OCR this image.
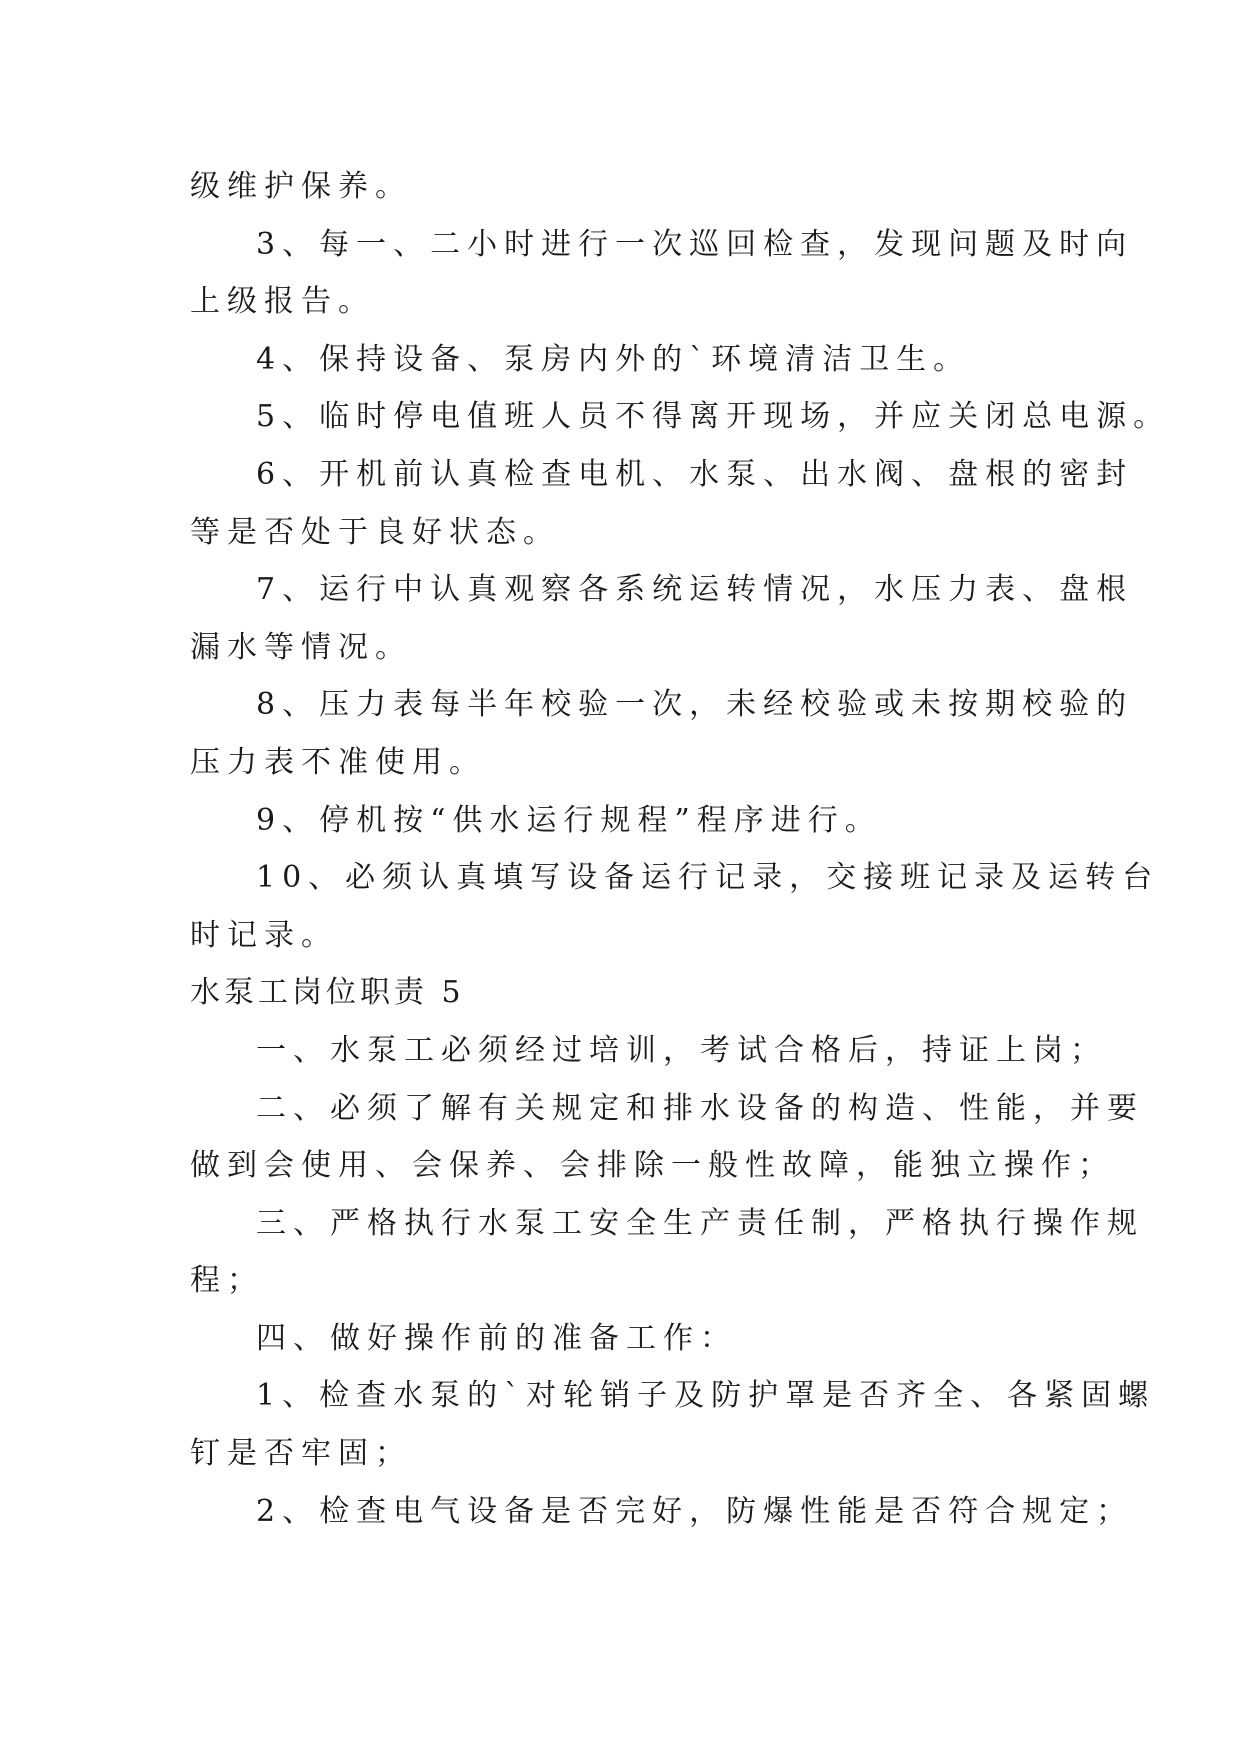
级维护保养。
3、每一、二小时进行一次巡回检查，发现问题及时向
上级报告。
4、保持设备、泵房内外的`环境清洁卫生。
5、临时停电值班人员不得离开现场，并应关闭总电源。
6、开机前认真检查电机、水泵、出水阀、盘根的密封
等是否处于良好状态。
7、运行中认真观察各系统运转情况，水压力表、盘根
漏水等情况。
8、压力表每半年校验一次，未经校验或未按期校验的
压力表不准使用。
9、停机按“供水运行规程”程序进行。
10、必须认真填写设备运行记录，交接班记录及运转台
时记录。
水泵工岗位职责 5
一、水泵工必须经过培训，考试合格后，持证上岗；
二、必须了解有关规定和排水设备的构造、性能，并要
做到会使用、会保养、会排除一般性故障，能独立操作；
三、严格执行水泵工安全生产责任制，严格执行操作规
程；
四、做好操作前的准备工作：
1、检查水泵的`对轮销子及防护罩是否齐全、各紧固螺
钉是否牢固；
2、检查电气设备是否完好，防爆性能是否符合规定；
